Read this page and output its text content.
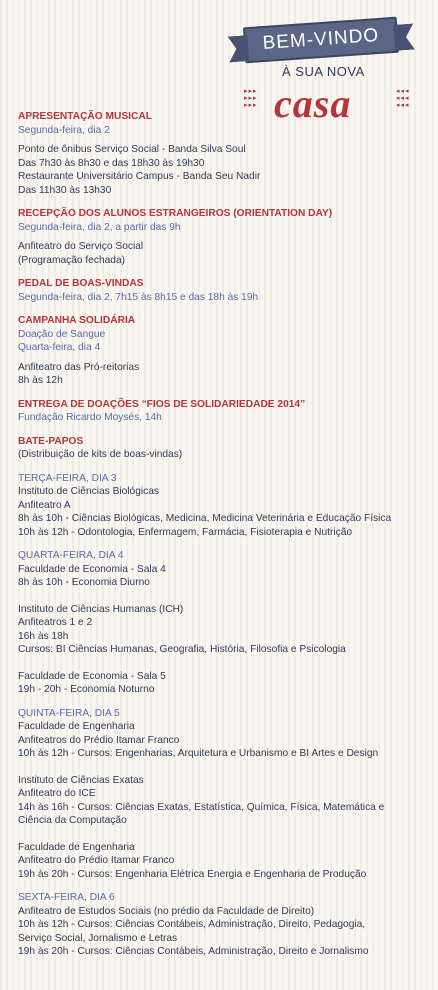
BEM-VINDO
À SUA NOVA
▸▸▸
▸▸▸
▸▸▸ casa	◂◂◂
◂◂◂
◂◂◂

APRESENTAÇÃO MUSICAL

Segunda-feira, dia 2

Ponto de ônibus Serviço Social - Banda Silva Soul

Das 7h30 às 8h30 e das 18h30 às 19h30

Restaurante Universitário Campus - Banda Seu Nadir

Das 11h30 às 13h30

RECEPÇÃO DOS ALUNOS ESTRANGEIROS (ORIENTATION DAY)

Segunda-feira, dia 2, a partir das 9h

Anfiteatro do Serviço Social

(Programação fechada)

PEDAL DE BOAS-VINDAS

Segunda-feira, dia 2, 7h15 às 8h15 e das 18h às 19h

CAMPANHA SOLIDÁRIA

Doação de Sangue

Quarta-feira, dia 4

Anfiteatro das Pró-reitorias

8h às 12h

ENTREGA DE DOAÇÕES “FIOS DE SOLIDARIEDADE 2014”

Fundação Ricardo Moysés, 14h

BATE-PAPOS

(Distribuição de kits de boas-vindas)

TERÇA-FEIRA, DIA 3

Instituto de Ciências Biológicas

Anfiteatro A

8h às 10h - Ciências Biológicas, Medicina, Medicina Veterinária e Educação Física

10h às 12h - Odontologia, Enfermagem, Farmácia, Fisioterapia e Nutrição

QUARTA-FEIRA, DIA 4

Faculdade de Economia - Sala 4

8h às 10h - Economia Diurno

Instituto de Ciências Humanas (ICH)

Anfiteatros 1 e 2

16h às 18h

Cursos: BI Ciências Humanas, Geografia, História, Filosofia e Psicologia

Faculdade de Economia - Sala 5

19h - 20h - Economia Noturno

QUINTA-FEIRA, DIA 5

Faculdade de Engenharia

Anfiteatros do Prédio Itamar Franco

10h às 12h - Cursos: Engenharias, Arquitetura e Urbanismo e BI Artes e Design

Instituto de Ciências Exatas

Anfiteatro do ICE

14h às 16h - Cursos: Ciências Exatas, Estatística, Química, Física, Matemática e

Ciência da Computação

Faculdade de Engenharia

Anfiteatro do Prédio Itamar Franco

19h às 20h - Cursos: Engenharia Elétrica Energia e Engenharia de Produção

SEXTA-FEIRA, DIA 6

Anfiteatro de Estudos Sociais (no prédio da Faculdade de Direito)

10h às 12h - Cursos: Ciências Contábeis, Administração, Direito, Pedagogia,

Serviço Social, Jornalismo e Letras

19h às 20h - Cursos: Ciências Contábeis, Administração, Direito e Jornalismo
